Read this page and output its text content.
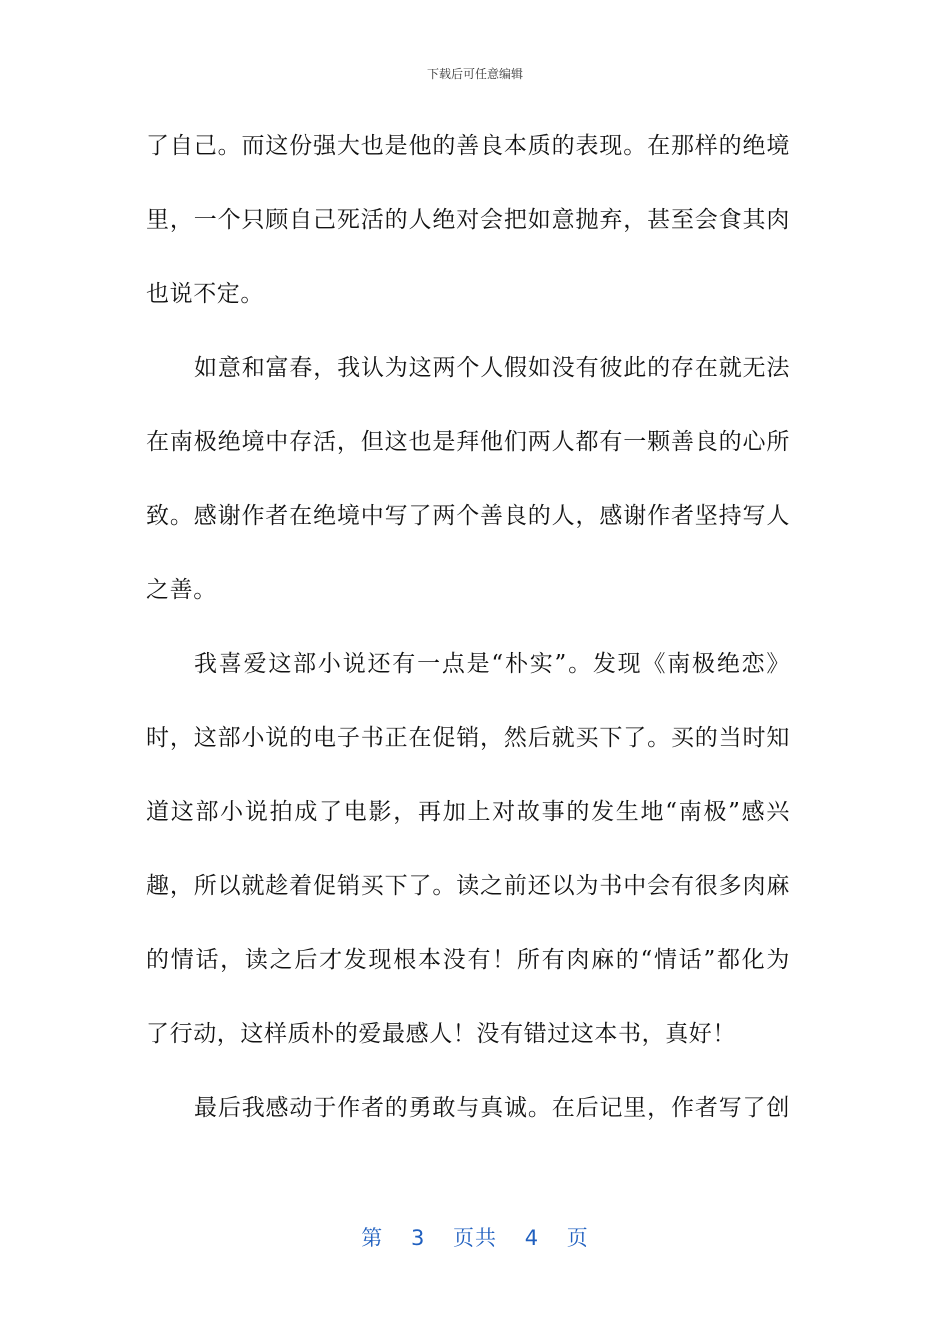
下载后可任意编辑
了自己。而这份强大也是他的善良本质的表现。在那样的绝境
里，一个只顾自己死活的人绝对会把如意抛弃，甚至会食其肉
也说不定。
如意和富春，我认为这两个人假如没有彼此的存在就无法
在南极绝境中存活，但这也是拜他们两人都有一颗善良的心所
致。感谢作者在绝境中写了两个善良的人，感谢作者坚持写人
之善。
我喜爱这部小说还有一点是“朴实”。发现《南极绝恋》
时，这部小说的电子书正在促销，然后就买下了。买的当时知
道这部小说拍成了电影，再加上对故事的发生地“南极”感兴
趣，所以就趁着促销买下了。读之前还以为书中会有很多肉麻
的情话，读之后才发现根本没有！所有肉麻的“情话”都化为
了行动，这样质朴的爱最感人！没有错过这本书，真好！
最后我感动于作者的勇敢与真诚。在后记里，作者写了创
第 3 页共 4 页
